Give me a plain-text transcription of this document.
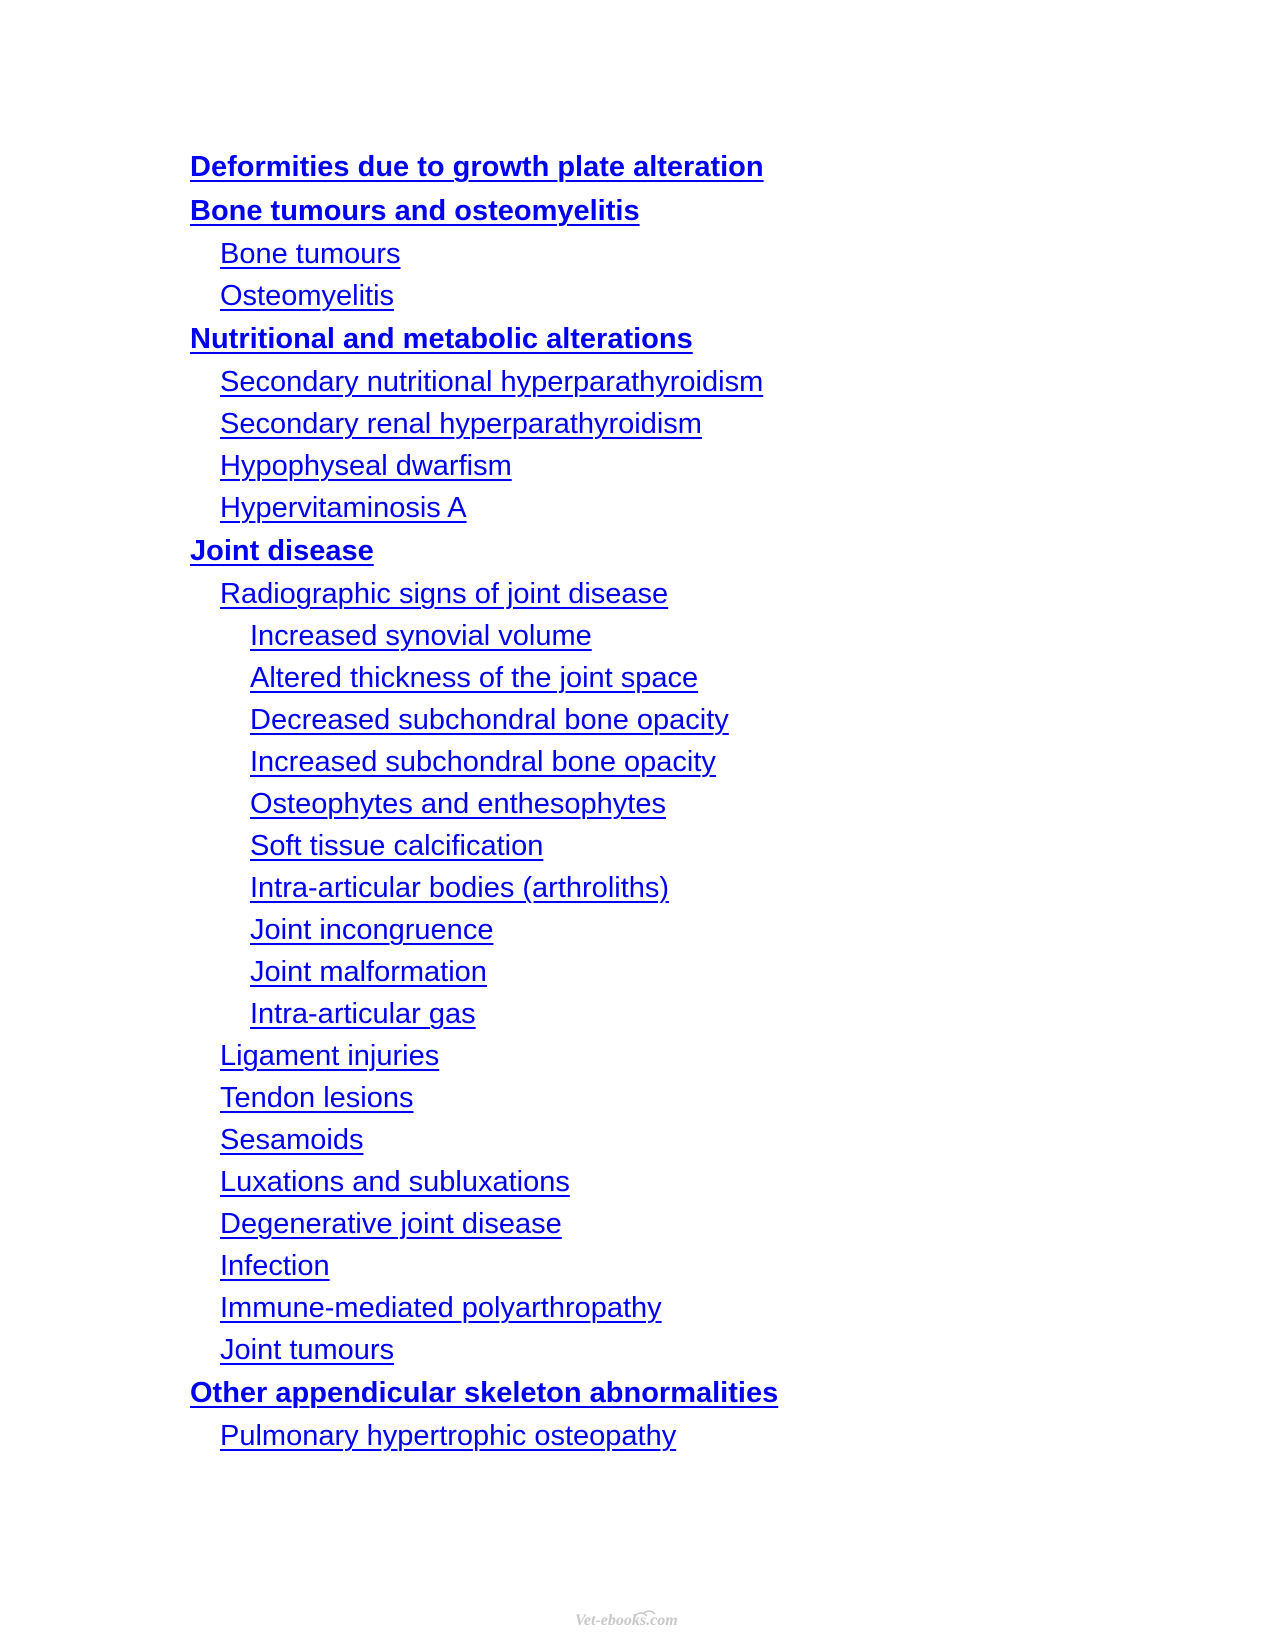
Deformities due to growth plate alteration
Bone tumours and osteomyelitis
Bone tumours
Osteomyelitis
Nutritional and metabolic alterations
Secondary nutritional hyperparathyroidism
Secondary renal hyperparathyroidism
Hypophyseal dwarfism
Hypervitaminosis A
Joint disease
Radiographic signs of joint disease
Increased synovial volume
Altered thickness of the joint space
Decreased subchondral bone opacity
Increased subchondral bone opacity
Osteophytes and enthesophytes
Soft tissue calcification
Intra-articular bodies (arthroliths)
Joint incongruence
Joint malformation
Intra-articular gas
Ligament injuries
Tendon lesions
Sesamoids
Luxations and subluxations
Degenerative joint disease
Infection
Immune-mediated polyarthropathy
Joint tumours
Other appendicular skeleton abnormalities
Pulmonary hypertrophic osteopathy
Vet-ebooks.com
